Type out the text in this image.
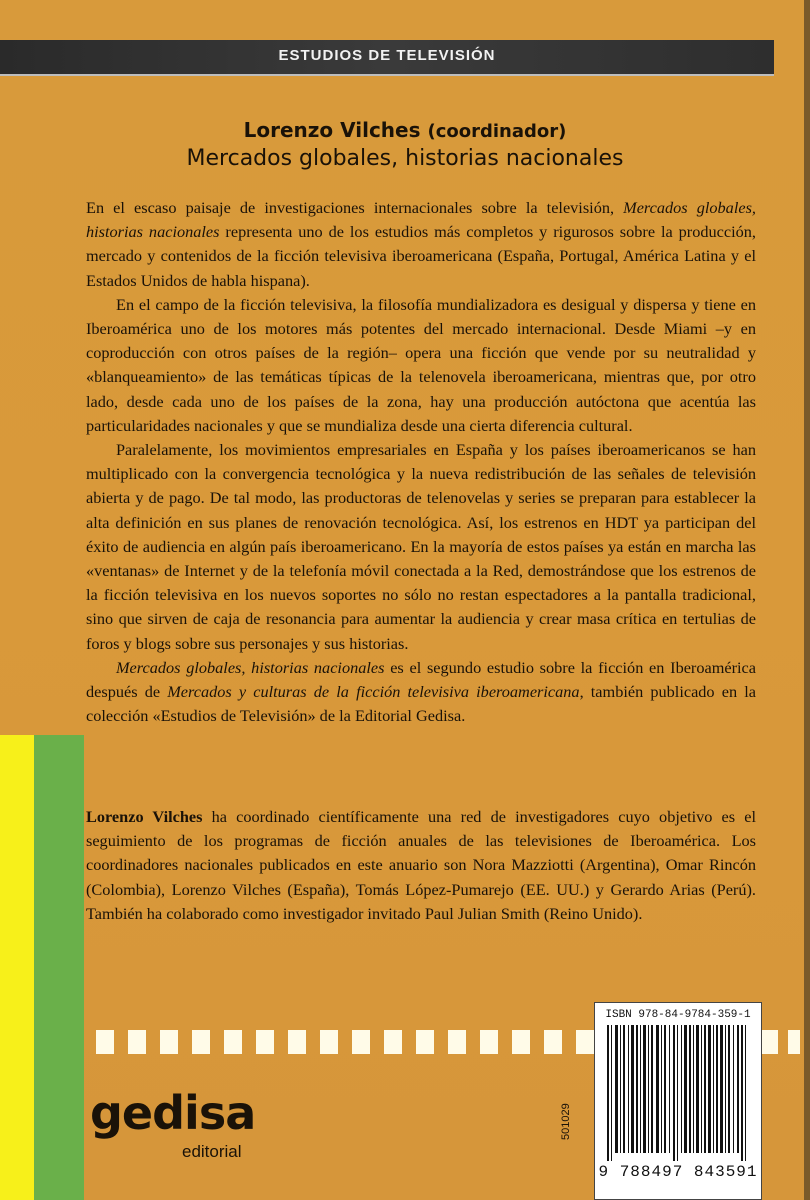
ESTUDIOS DE TELEVISIÓN
Lorenzo Vilches (coordinador)
Mercados globales, historias nacionales

En el escaso paisaje de investigaciones internacionales sobre la televisión, Mercados globales, historias nacionales representa uno de los estudios más completos y rigurosos sobre la producción, mercado y contenidos de la ficción televisiva iberoamericana (España, Portugal, América Latina y el Estados Unidos de habla hispana).

En el campo de la ficción televisiva, la filosofía mundializadora es desigual y dispersa y tiene en Iberoamérica uno de los motores más potentes del mercado internacional. Desde Miami –y en coproducción con otros países de la región– opera una ficción que vende por su neutralidad y «blanqueamiento» de las temáticas típicas de la telenovela iberoamericana, mientras que, por otro lado, desde cada uno de los países de la zona, hay una producción autóctona que acentúa las particularidades nacionales y que se mundializa desde una cierta diferencia cultural.

Paralelamente, los movimientos empresariales en España y los países iberoamericanos se han multiplicado con la convergencia tecnológica y la nueva redistribución de las señales de televisión abierta y de pago. De tal modo, las productoras de telenovelas y series se preparan para establecer la alta definición en sus planes de renovación tecnológica. Así, los estrenos en HDT ya participan del éxito de audiencia en algún país iberoamericano. En la mayoría de estos países ya están en marcha las «ventanas» de Internet y de la telefonía móvil conectada a la Red, demostrándose que los estrenos de la ficción televisiva en los nuevos soportes no sólo no restan espectadores a la pantalla tradicional, sino que sirven de caja de resonancia para aumentar la audiencia y crear masa crítica en tertulias de foros y blogs sobre sus personajes y sus historias.

Mercados globales, historias nacionales es el segundo estudio sobre la ficción en Iberoamérica después de Mercados y culturas de la ficción televisiva iberoamericana, también publicado en la colección «Estudios de Televisión» de la Editorial Gedisa.

Lorenzo Vilches ha coordinado científicamente una red de investigadores cuyo objetivo es el seguimiento de los programas de ficción anuales de las televisiones de Iberoamérica. Los coordinadores nacionales publicados en este anuario son Nora Mazziotti (Argentina), Omar Rincón (Colombia), Lorenzo Vilches (España), Tomás López-Pumarejo (EE. UU.) y Gerardo Arias (Perú). También ha colaborado como investigador invitado Paul Julian Smith (Reino Unido).

501029
ISBN 978-84-9784-359-1
9 788497 843591
gedisa
editorial
